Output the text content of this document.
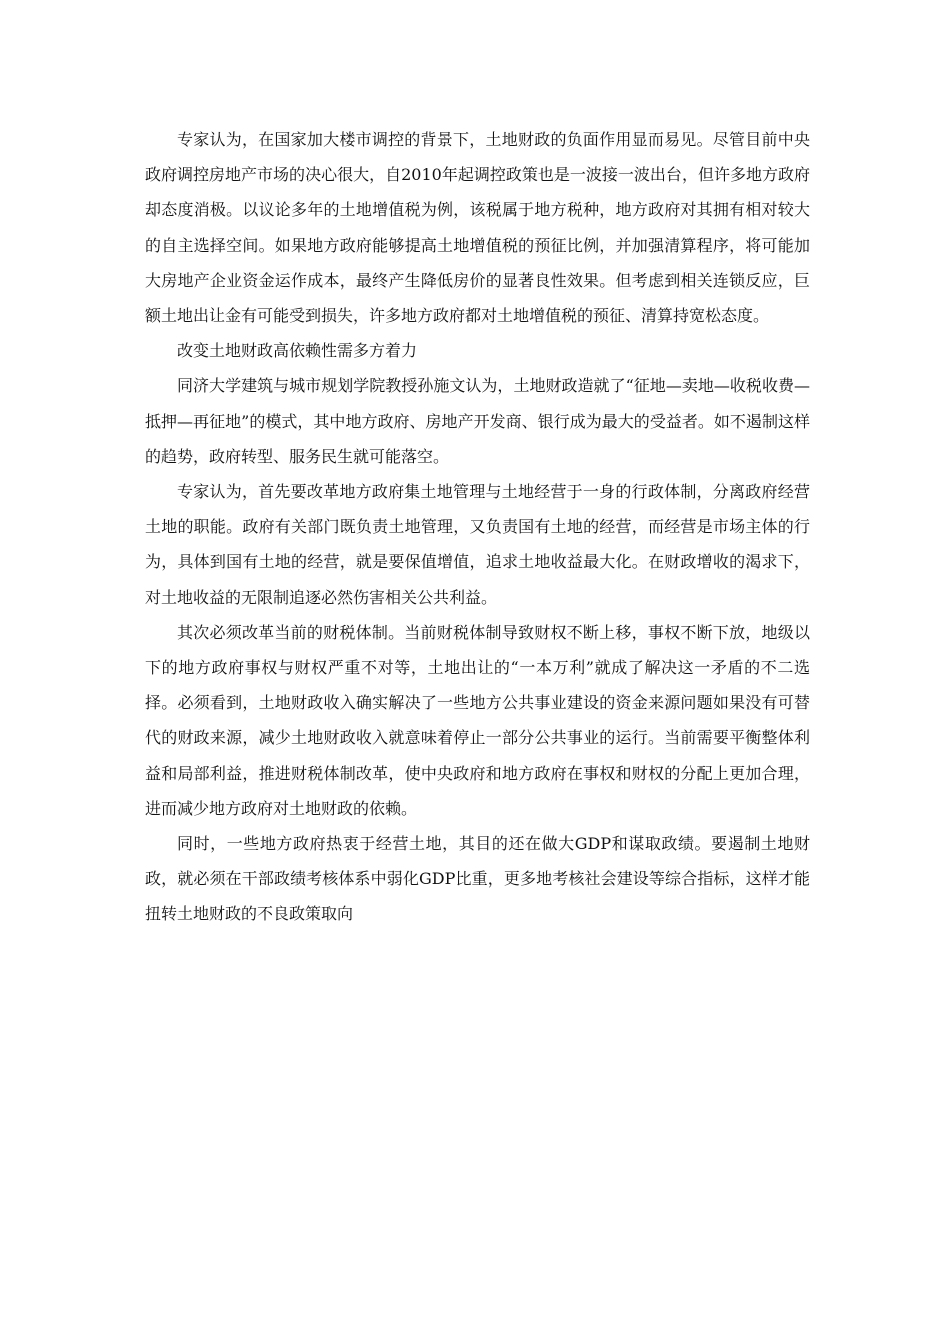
专家认为，在国家加大楼市调控的背景下，土地财政的负面作用显而易见。尽管目前中央政府调控房地产市场的决心很大，自2010年起调控政策也是一波接一波出台，但许多地方政府却态度消极。以议论多年的土地增值税为例，该税属于地方税种，地方政府对其拥有相对较大的自主选择空间。如果地方政府能够提高土地增值税的预征比例，并加强清算程序，将可能加大房地产企业资金运作成本，最终产生降低房价的显著良性效果。但考虑到相关连锁反应，巨额土地出让金有可能受到损失，许多地方政府都对土地增值税的预征、清算持宽松态度。

改变土地财政高依赖性需多方着力

同济大学建筑与城市规划学院教授孙施文认为，土地财政造就了“征地—卖地—收税收费—抵押—再征地”的模式，其中地方政府、房地产开发商、银行成为最大的受益者。如不遏制这样的趋势，政府转型、服务民生就可能落空。

专家认为，首先要改革地方政府集土地管理与土地经营于一身的行政体制，分离政府经营土地的职能。政府有关部门既负责土地管理，又负责国有土地的经营，而经营是市场主体的行为，具体到国有土地的经营，就是要保值增值，追求土地收益最大化。在财政增收的渴求下，对土地收益的无限制追逐必然伤害相关公共利益。

其次必须改革当前的财税体制。当前财税体制导致财权不断上移，事权不断下放，地级以下的地方政府事权与财权严重不对等，土地出让的“一本万利”就成了解决这一矛盾的不二选择。必须看到，土地财政收入确实解决了一些地方公共事业建设的资金来源问题如果没有可替代的财政来源，减少土地财政收入就意味着停止一部分公共事业的运行。当前需要平衡整体利益和局部利益，推进财税体制改革，使中央政府和地方政府在事权和财权的分配上更加合理，进而减少地方政府对土地财政的依赖。

同时，一些地方政府热衷于经营土地，其目的还在做大GDP和谋取政绩。要遏制土地财政，就必须在干部政绩考核体系中弱化GDP比重，更多地考核社会建设等综合指标，这样才能扭转土地财政的不良政策取向
